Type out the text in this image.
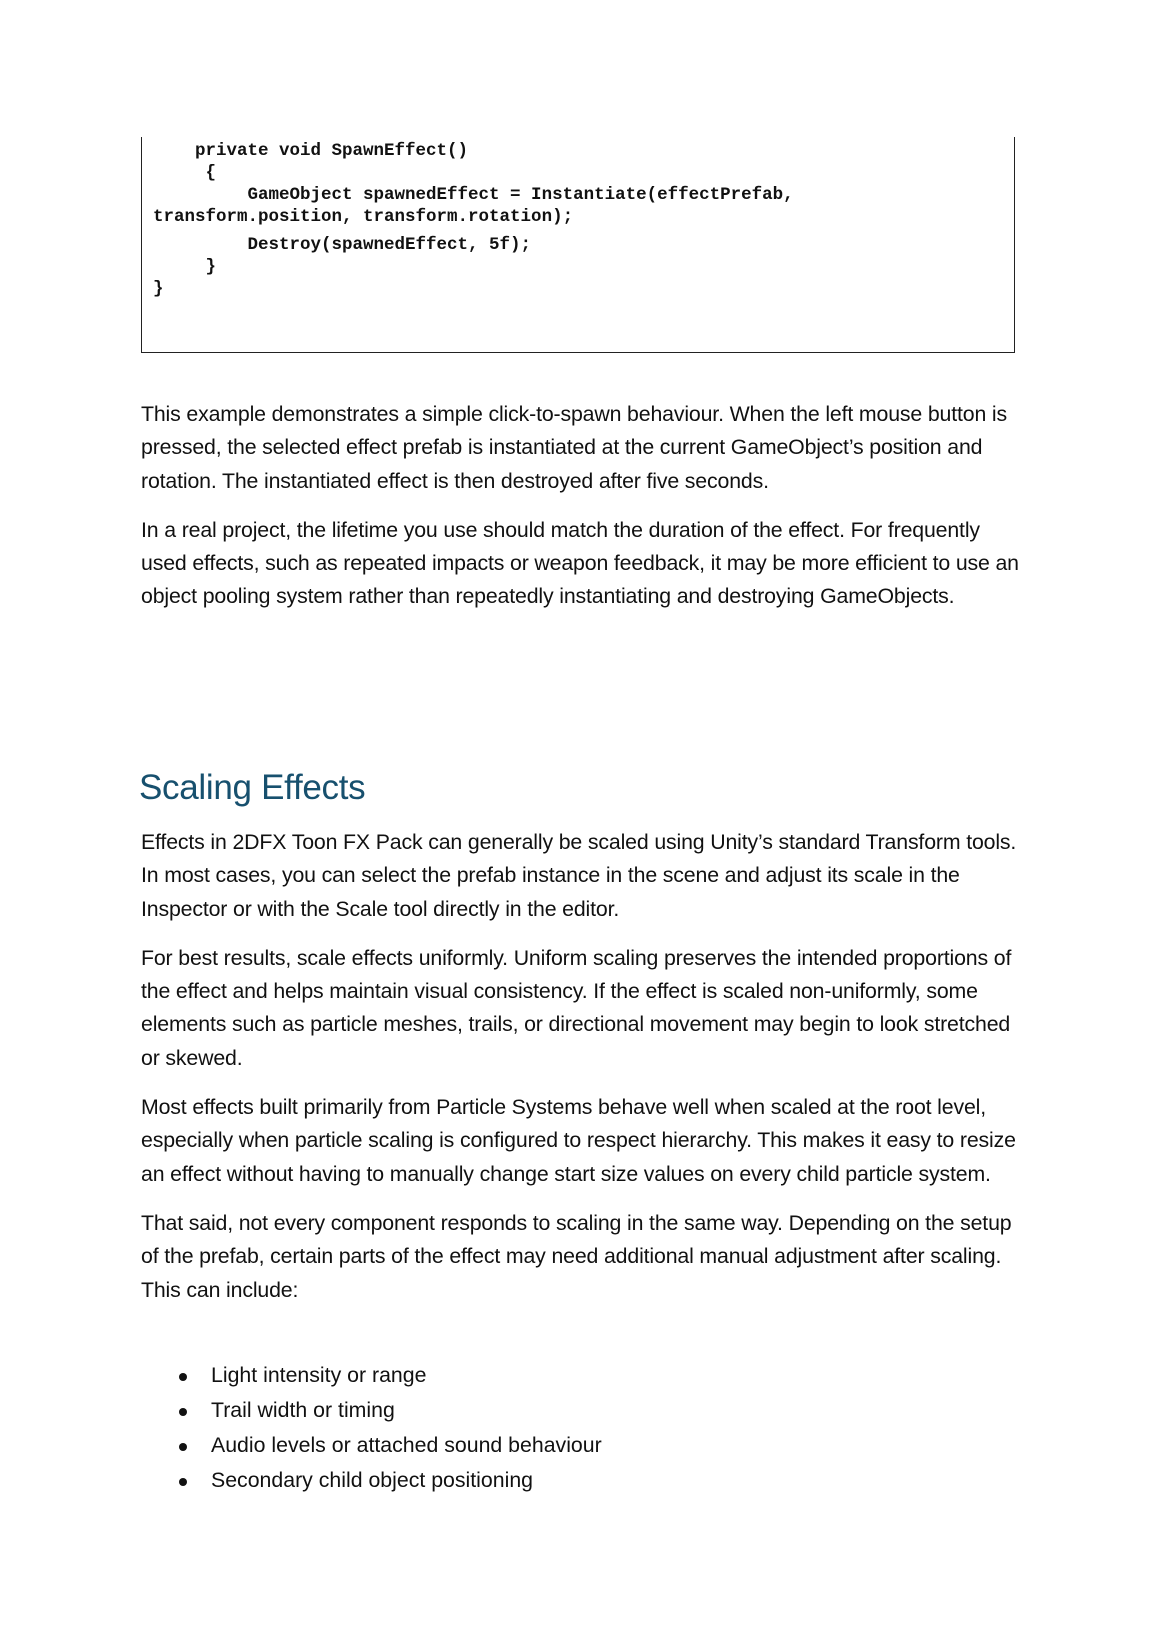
private void SpawnEffect()
{
GameObject spawnedEffect = Instantiate(effectPrefab,
transform.position, transform.rotation);
Destroy(spawnedEffect, 5f);
}
}

This example demonstrates a simple click-to-spawn behaviour. When the left mouse button is pressed, the selected effect prefab is instantiated at the current GameObject’s position and rotation. The instantiated effect is then destroyed after five seconds.

In a real project, the lifetime you use should match the duration of the effect. For frequently used effects, such as repeated impacts or weapon feedback, it may be more efficient to use an object pooling system rather than repeatedly instantiating and destroying GameObjects.

Scaling Effects

Effects in 2DFX Toon FX Pack can generally be scaled using Unity’s standard Transform tools. In most cases, you can select the prefab instance in the scene and adjust its scale in the Inspector or with the Scale tool directly in the editor.

For best results, scale effects uniformly. Uniform scaling preserves the intended proportions of the effect and helps maintain visual consistency. If the effect is scaled non-uniformly, some elements such as particle meshes, trails, or directional movement may begin to look stretched or skewed.

Most effects built primarily from Particle Systems behave well when scaled at the root level, especially when particle scaling is configured to respect hierarchy. This makes it easy to resize an effect without having to manually change start size values on every child particle system.

That said, not every component responds to scaling in the same way. Depending on the setup of the prefab, certain parts of the effect may need additional manual adjustment after scaling. This can include:

Light intensity or range
Trail width or timing
Audio levels or attached sound behaviour
Secondary child object positioning
